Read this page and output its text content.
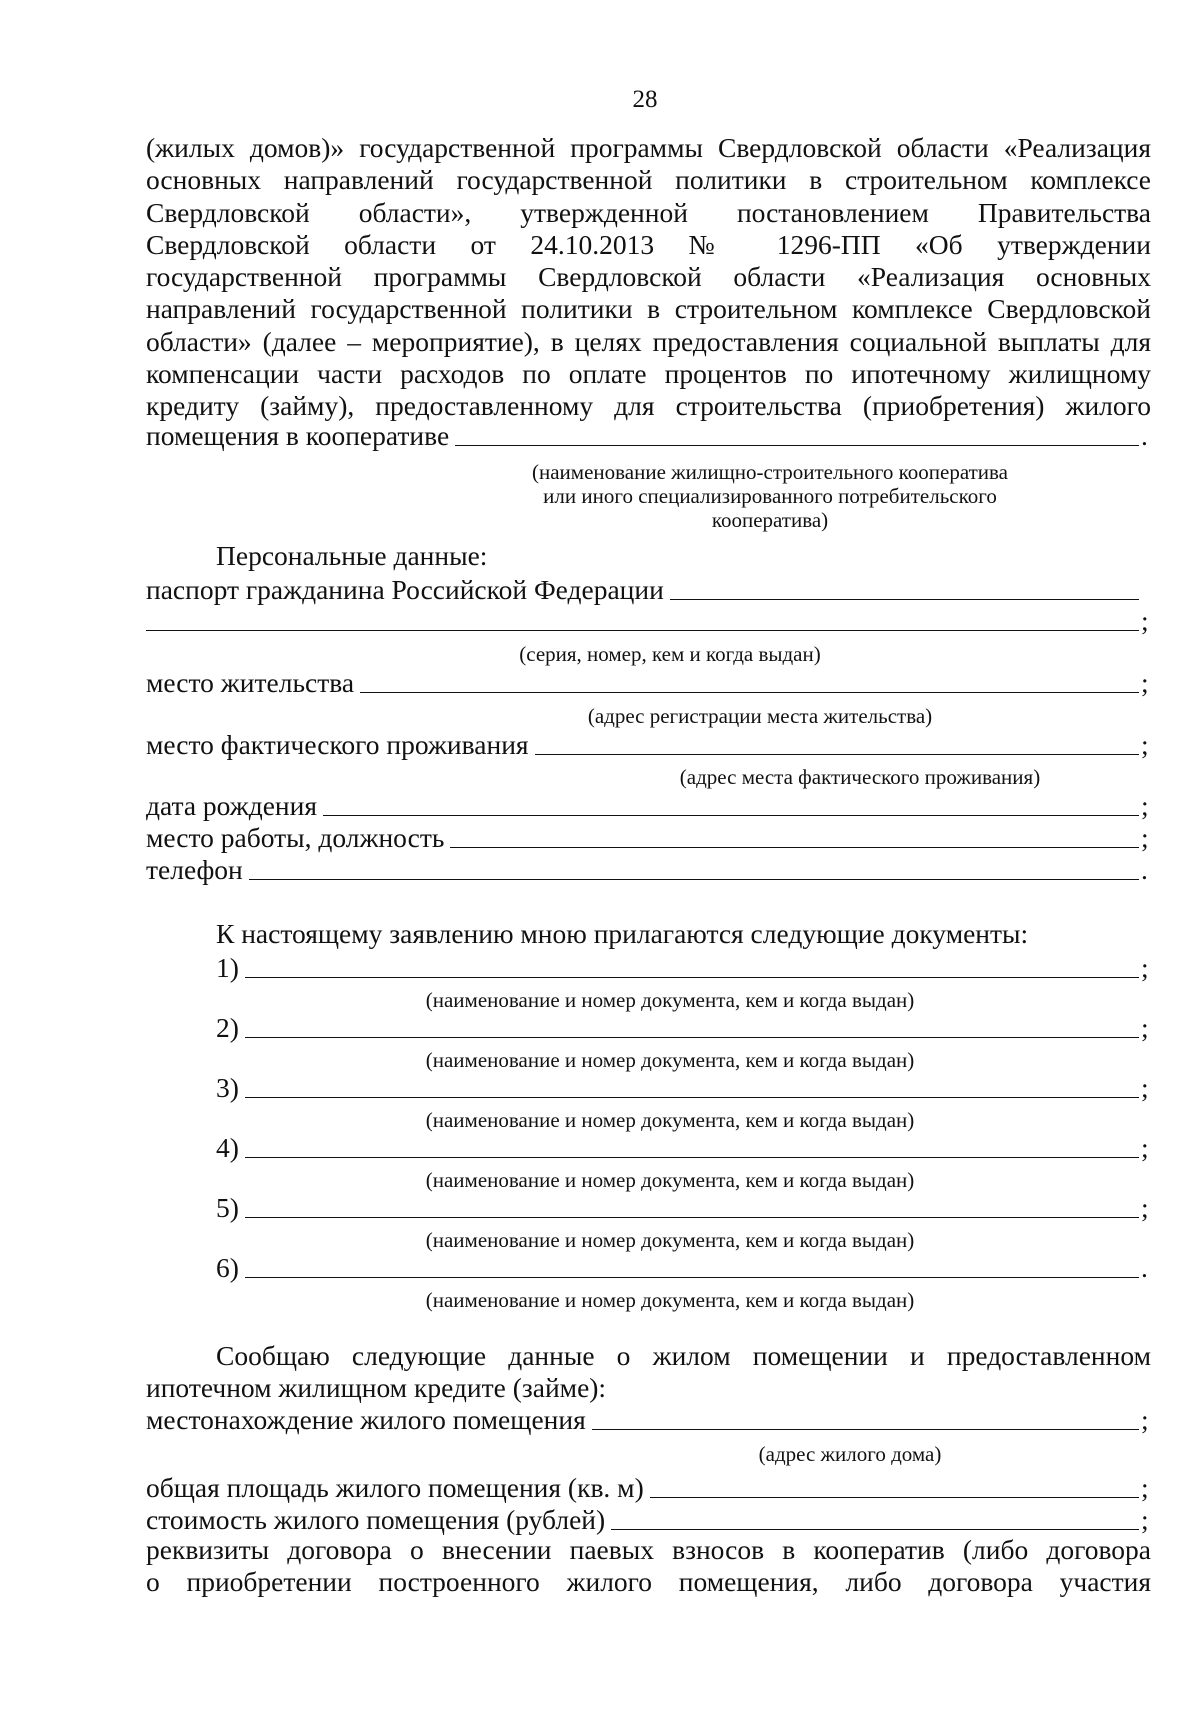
28
(жилых домов)» государственной программы Свердловской области «Реализация
основных направлений государственной политики в строительном комплексе
Свердловской области», утвержденной постановлением Правительства
Свердловской области от 24.10.2013 № 1296-ПП «Об утверждении
государственной программы Свердловской области «Реализация основных
направлений государственной политики в строительном комплексе Свердловской
области» (далее – мероприятие), в целях предоставления социальной выплаты для
компенсации части расходов по оплате процентов по ипотечному жилищному
кредиту (займу), предоставленному для строительства (приобретения) жилого
помещения в кооперативе	.
(наименование жилищно-строительного кооператива
или иного специализированного потребительского
кооператива)
Персональные данные:
паспорт гражданина Российской Федерации
;
(серия, номер, кем и когда выдан)
место жительства	;
(адрес регистрации места жительства)
место фактического проживания	;
(адрес места фактического проживания)
дата рождения	;
место работы, должность	;
телефон	.
К настоящему заявлению мною прилагаются следующие документы:
1)	;
(наименование и номер документа, кем и когда выдан)
2)	;
(наименование и номер документа, кем и когда выдан)
3)	;
(наименование и номер документа, кем и когда выдан)
4)	;
(наименование и номер документа, кем и когда выдан)
5)	;
(наименование и номер документа, кем и когда выдан)
6)	.
(наименование и номер документа, кем и когда выдан)
Сообщаю следующие данные о жилом помещении и предоставленном
ипотечном жилищном кредите (займе):
местонахождение жилого помещения	;
(адрес жилого дома)
общая площадь жилого помещения (кв. м)	;
стоимость жилого помещения (рублей)	;
реквизиты договора о внесении паевых взносов в кооператив (либо договора
о приобретении построенного жилого помещения, либо договора участия
